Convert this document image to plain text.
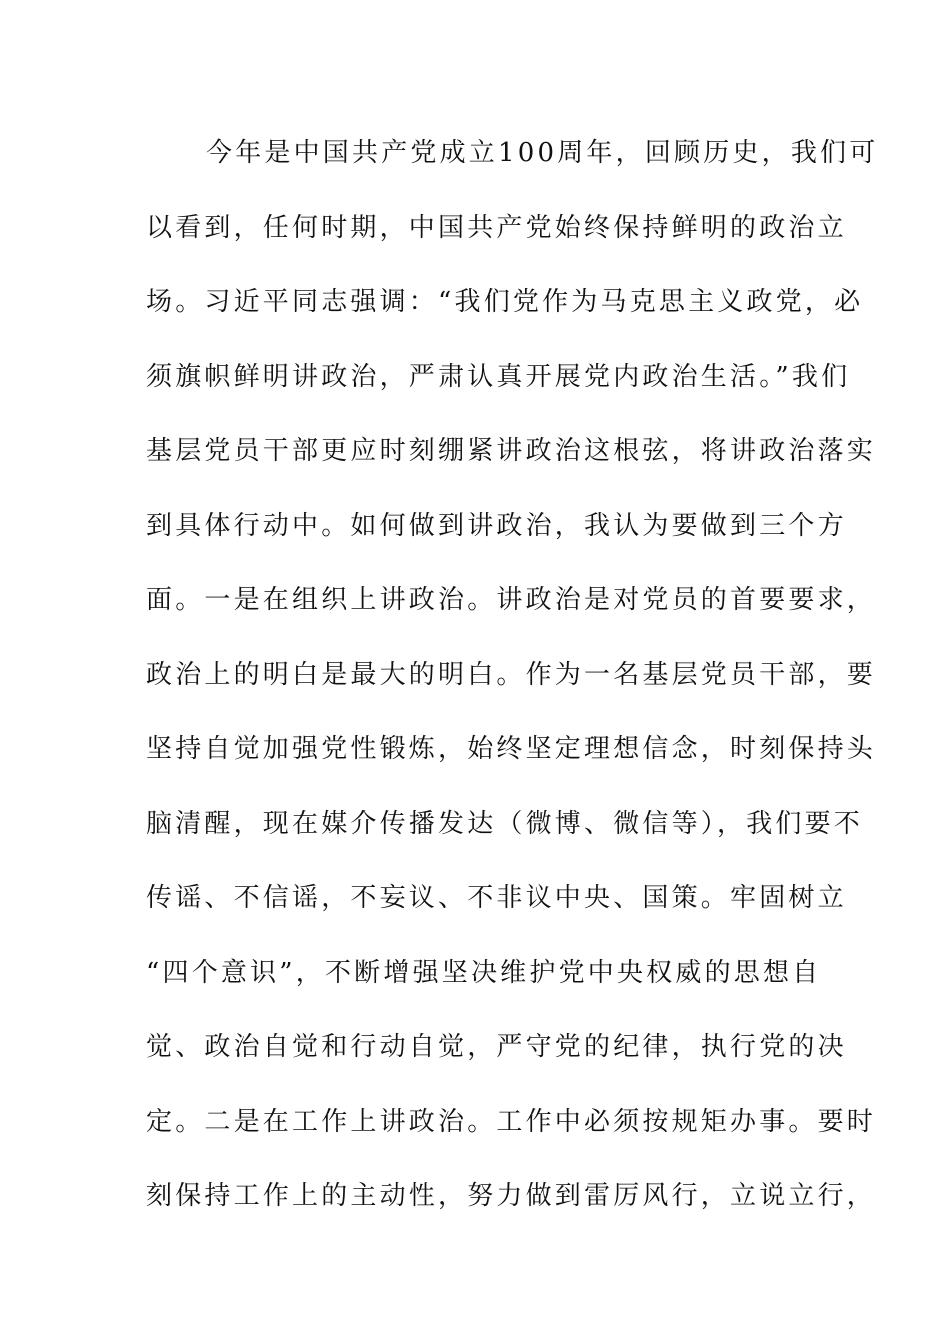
今年是中国共产党成立100周年，回顾历史，我们可
以看到，任何时期，中国共产党始终保持鲜明的政治立
场。习近平同志强调：“我们党作为马克思主义政党，必
须旗帜鲜明讲政治，严肃认真开展党内政治生活。”我们
基层党员干部更应时刻绷紧讲政治这根弦，将讲政治落实
到具体行动中。如何做到讲政治，我认为要做到三个方
面。一是在组织上讲政治。讲政治是对党员的首要要求，
政治上的明白是最大的明白。作为一名基层党员干部，要
坚持自觉加强党性锻炼，始终坚定理想信念，时刻保持头
脑清醒，现在媒介传播发达（微博、微信等），我们要不
传谣、不信谣，不妄议、不非议中央、国策。牢固树立
“四个意识”，不断增强坚决维护党中央权威的思想自
觉、政治自觉和行动自觉，严守党的纪律，执行党的决
定。二是在工作上讲政治。工作中必须按规矩办事。要时
刻保持工作上的主动性，努力做到雷厉风行，立说立行，
